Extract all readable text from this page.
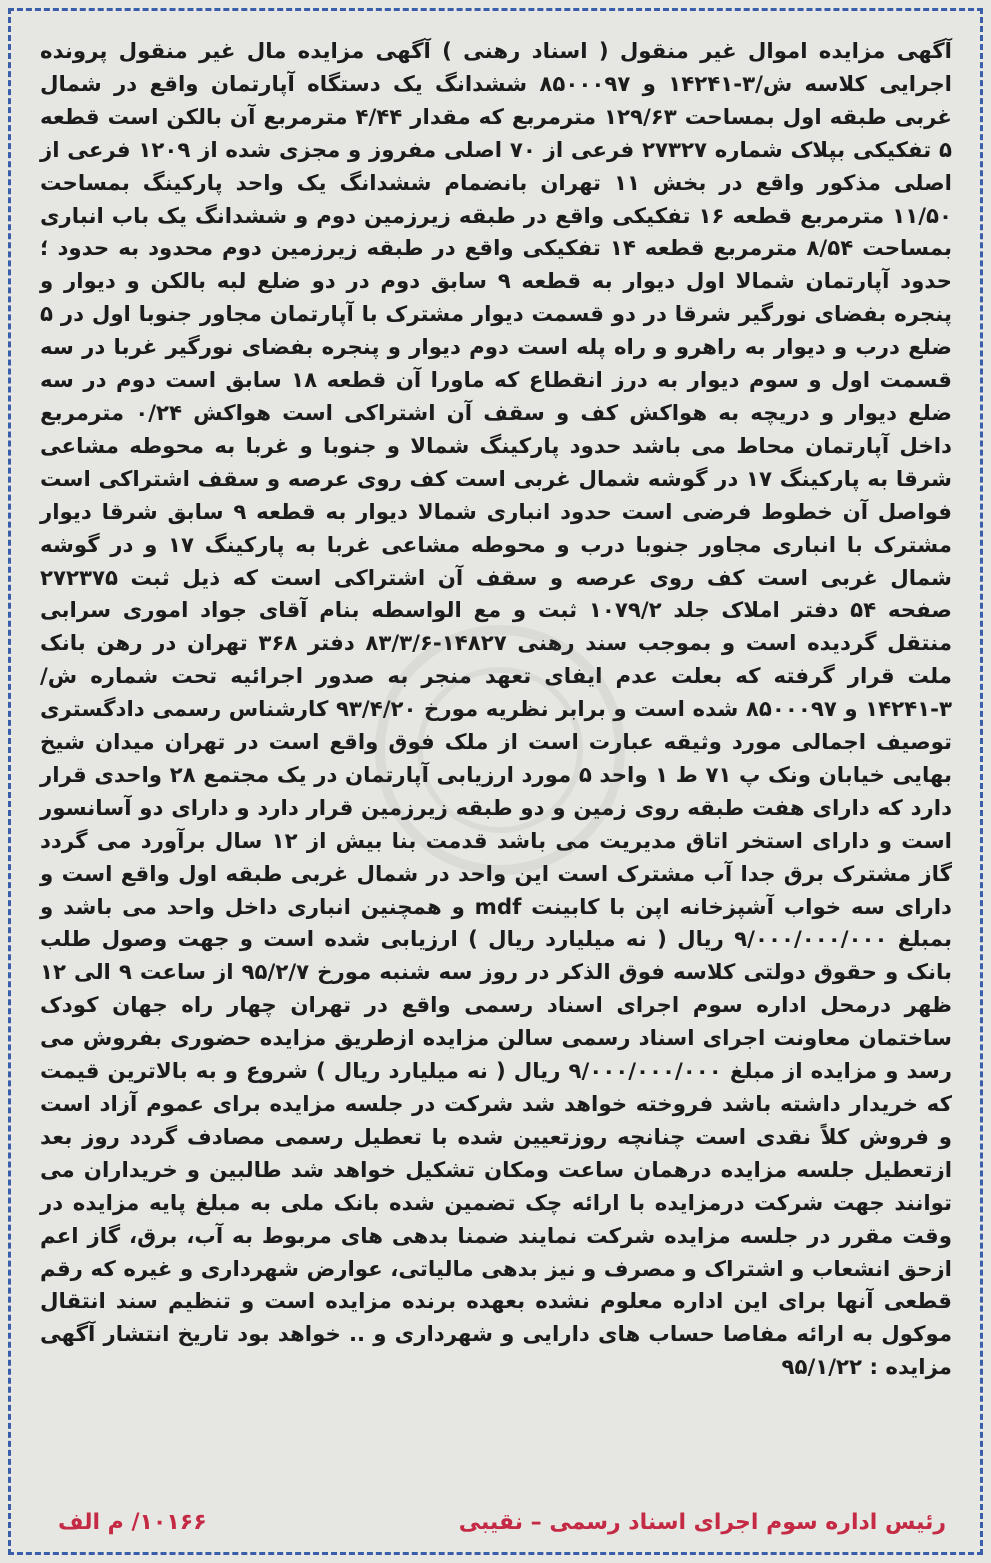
آگهی مزایده اموال غیر منقول ( اسناد رهنی ) آگهی مزایده مال غیر منقول پرونده اجرایی کلاسه ش/۳-۱۴۲۴۱ و ۸۵۰۰۰۹۷ ششدانگ یک دستگاه آپارتمان واقع در شمال غربی طبقه اول بمساحت ۱۲۹/۶۳ مترمربع که مقدار ۴/۴۴ مترمربع آن بالکن است قطعه ۵ تفکیکی بپلاک شماره ۲۷۳۲۷ فرعی از ۷۰ اصلی مفروز و مجزی شده از ۱۲۰۹ فرعی از اصلی مذکور واقع در بخش ۱۱ تهران بانضمام ششدانگ یک واحد پارکینگ بمساحت ۱۱/۵۰ مترمربع قطعه ۱۶ تفکیکی واقع در طبقه زیرزمین دوم و ششدانگ یک باب انباری بمساحت ۸/۵۴ مترمربع قطعه ۱۴ تفکیکی واقع در طبقه زیرزمین دوم محدود به حدود ؛ حدود آپارتمان شمالا اول دیوار به قطعه ۹ سابق دوم در دو ضلع لبه بالکن و دیوار و پنجره بفضای نورگیر شرقا در دو قسمت دیوار مشترک با آپارتمان مجاور جنوبا اول در ۵ ضلع درب و دیوار به راهرو و راه پله است دوم دیوار و پنجره بفضای نورگیر غربا در سه قسمت اول و سوم دیوار به درز انقطاع که ماورا آن قطعه ۱۸ سابق است دوم در سه ضلع دیوار و دریچه به هواکش کف و سقف آن اشتراکی است هواکش ۰/۲۴ مترمربع داخل آپارتمان محاط می باشد حدود پارکینگ شمالا و جنوبا و غربا به محوطه مشاعی شرقا به پارکینگ ۱۷ در گوشه شمال غربی است کف روی عرصه و سقف اشتراکی است فواصل آن خطوط فرضی است حدود انباری شمالا دیوار به قطعه ۹ سابق شرقا دیوار مشترک با انباری مجاور جنوبا درب و محوطه مشاعی غربا به پارکینگ ۱۷ و در گوشه شمال غربی است کف روی عرصه و سقف آن اشتراکی است که ذیل ثبت ۲۷۲۳۷۵ صفحه ۵۴ دفتر املاک جلد ۱۰۷۹/۲ ثبت و مع الواسطه بنام آقای جواد اموری سرابی منتقل گردیده است و بموجب سند رهنی ۱۴۸۲۷-۸۳/۳/۶ دفتر ۳۶۸ تهران در رهن بانک ملت قرار گرفته که بعلت عدم ایفای تعهد منجر به صدور اجرائیه تحت شماره ش/۳-۱۴۲۴۱ و ۸۵۰۰۰۹۷ شده است و برابر نظریه مورخ ۹۳/۴/۲۰ کارشناس رسمی دادگستری توصیف اجمالی مورد وثیقه عبارت است از ملک فوق واقع است در تهران میدان شیخ بهایی خیابان ونک پ ۷۱ ط ۱ واحد ۵ مورد ارزیابی آپارتمان در یک مجتمع ۲۸ واحدی قرار دارد که دارای هفت طبقه روی زمین و دو طبقه زیرزمین قرار دارد و دارای دو آسانسور است و دارای استخر اتاق مدیریت می باشد قدمت بنا بیش از ۱۲ سال برآورد می گردد گاز مشترک برق جدا آب مشترک است این واحد در شمال غربی طبقه اول واقع است و دارای سه خواب آشپزخانه اپن با کابینت mdf و همچنین انباری داخل واحد می باشد و بمبلغ ۹/۰۰۰/۰۰۰/۰۰۰ ریال ( نه میلیارد ریال ) ارزیابی شده است و جهت وصول طلب بانک و حقوق دولتی کلاسه فوق الذکر در روز سه شنبه مورخ ۹۵/۲/۷ از ساعت ۹ الی ۱۲ ظهر درمحل اداره سوم اجرای اسناد رسمی واقع در تهران چهار راه جهان کودک ساختمان معاونت اجرای اسناد رسمی سالن مزایده ازطریق مزایده حضوری بفروش می رسد و مزایده از مبلغ ۹/۰۰۰/۰۰۰/۰۰۰ ریال ( نه میلیارد ریال ) شروع و به بالاترین قیمت که خریدار داشته باشد فروخته خواهد شد شرکت در جلسه مزایده برای عموم آزاد است و فروش کلاً نقدی است چنانچه روزتعیین شده با تعطیل رسمی مصادف گردد روز بعد ازتعطیل جلسه مزایده درهمان ساعت ومکان تشکیل خواهد شد طالبین و خریداران می توانند جهت شرکت درمزایده با ارائه چک تضمین شده بانک ملی به مبلغ پایه مزایده در وقت مقرر در جلسه مزایده شرکت نمایند ضمنا بدهی های مربوط به آب، برق، گاز اعم ازحق انشعاب و اشتراک و مصرف و نیز بدهی مالیاتی، عوارض شهرداری و غیره که رقم قطعی آنها برای این اداره معلوم نشده بعهده برنده مزایده است و تنظیم سند انتقال موکول به ارائه مفاصا حساب های دارایی و شهرداری و .. خواهد بود تاریخ انتشار آگهی مزایده : ۹۵/۱/۲۲
رئیس اداره سوم اجرای اسناد رسمی – نقیبی
۱۰۱۶۶/ م الف
